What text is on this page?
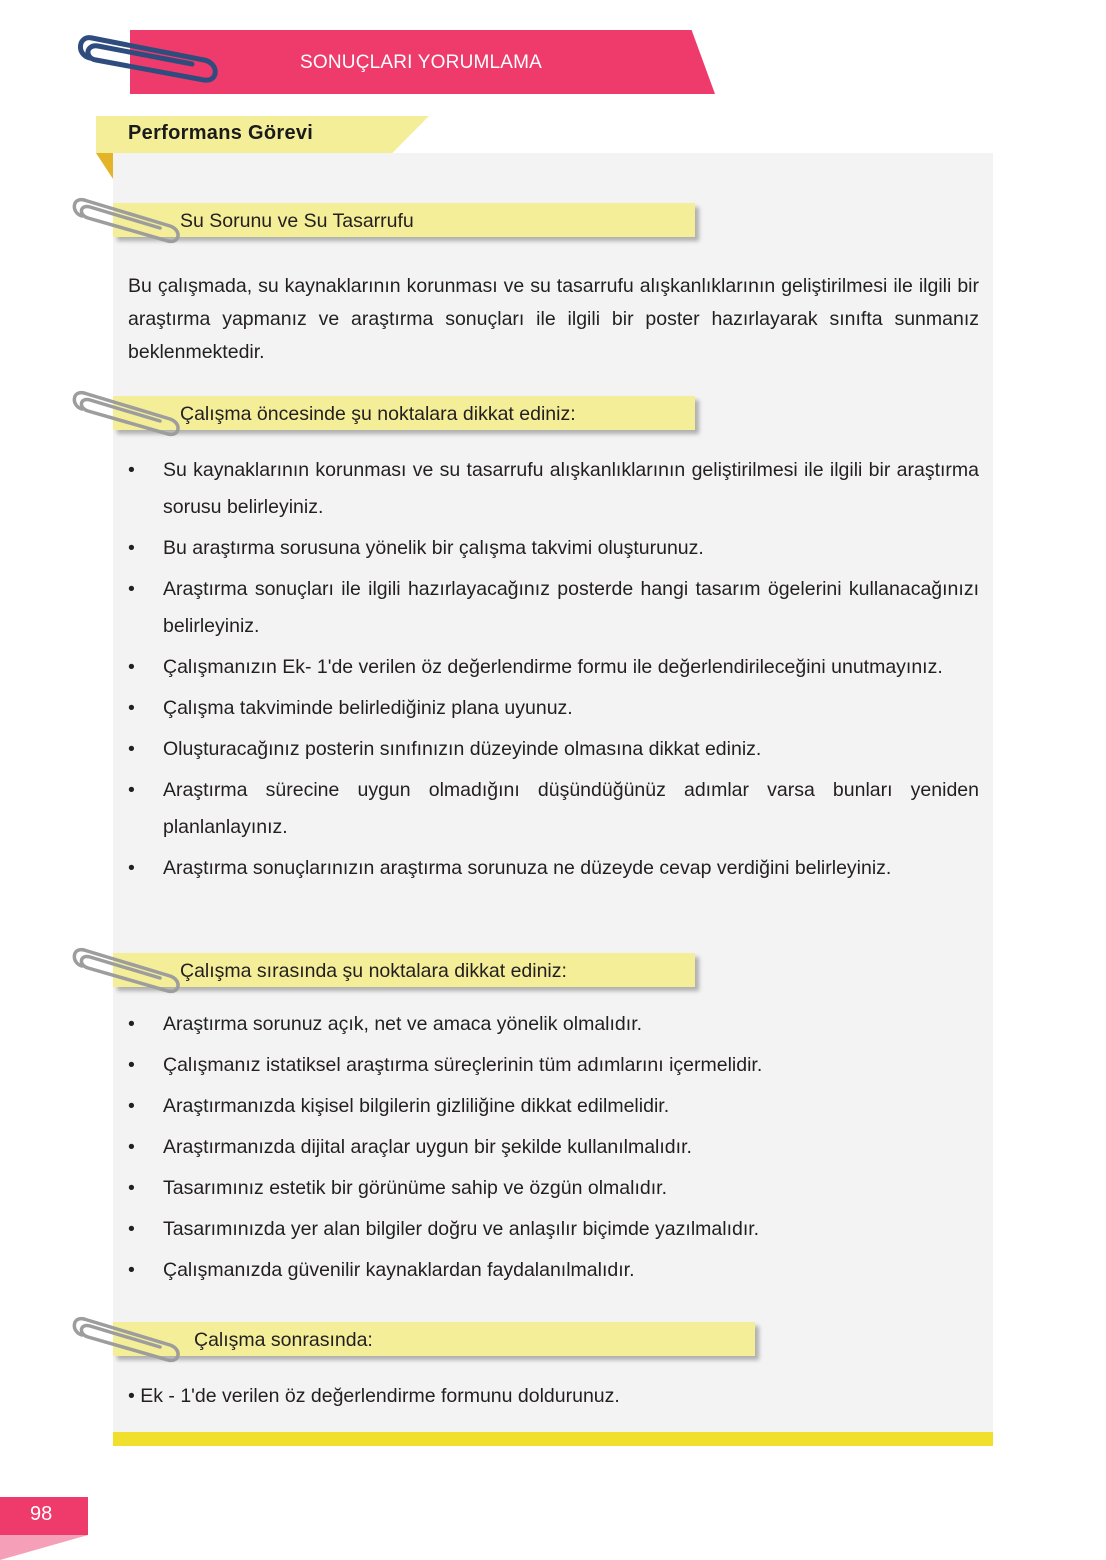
SONUÇLARI YORUMLAMA
Performans Görevi
Su Sorunu ve Su Tasarrufu
Bu çalışmada, su kaynaklarının korunması ve su tasarrufu alışkanlıklarının geliştirilmesi ile ilgili bir araştırma yapmanız ve araştırma sonuçları ile ilgili bir poster hazırlayarak sınıfta sunmanız beklenmektedir.
Çalışma öncesinde şu noktalara dikkat ediniz:
• Su kaynaklarının korunması ve su tasarrufu alışkanlıklarının geliştirilmesi ile ilgili bir araştırma sorusu belirleyiniz.
• Bu araştırma sorusuna yönelik bir çalışma takvimi oluşturunuz.
• Araştırma sonuçları ile ilgili hazırlayacağınız posterde hangi tasarım ögelerini kullanacağınızı belirleyiniz.
• Çalışmanızın Ek- 1'de verilen öz değerlendirme formu ile değerlendirileceğini unutmayınız.
• Çalışma takviminde belirlediğiniz plana uyunuz.
• Oluşturacağınız posterin sınıfınızın düzeyinde olmasına dikkat ediniz.
• Araştırma sürecine uygun olmadığını düşündüğünüz adımlar varsa bunları yeniden planlanlayınız.
• Araştırma sonuçlarınızın araştırma sorunuza ne düzeyde cevap verdiğini belirleyiniz.
Çalışma sırasında şu noktalara dikkat ediniz:
• Araştırma sorunuz açık, net ve amaca yönelik olmalıdır.
• Çalışmanız istatiksel araştırma süreçlerinin tüm adımlarını içermelidir.
• Araştırmanızda kişisel bilgilerin gizliliğine dikkat edilmelidir.
• Araştırmanızda dijital araçlar uygun bir şekilde kullanılmalıdır.
• Tasarımınız estetik bir görünüme sahip ve özgün olmalıdır.
• Tasarımınızda yer alan bilgiler doğru ve anlaşılır biçimde yazılmalıdır.
• Çalışmanızda güvenilir kaynaklardan faydalanılmalıdır.
Çalışma sonrasında:
• Ek - 1'de verilen öz değerlendirme formunu doldurunuz.
98
